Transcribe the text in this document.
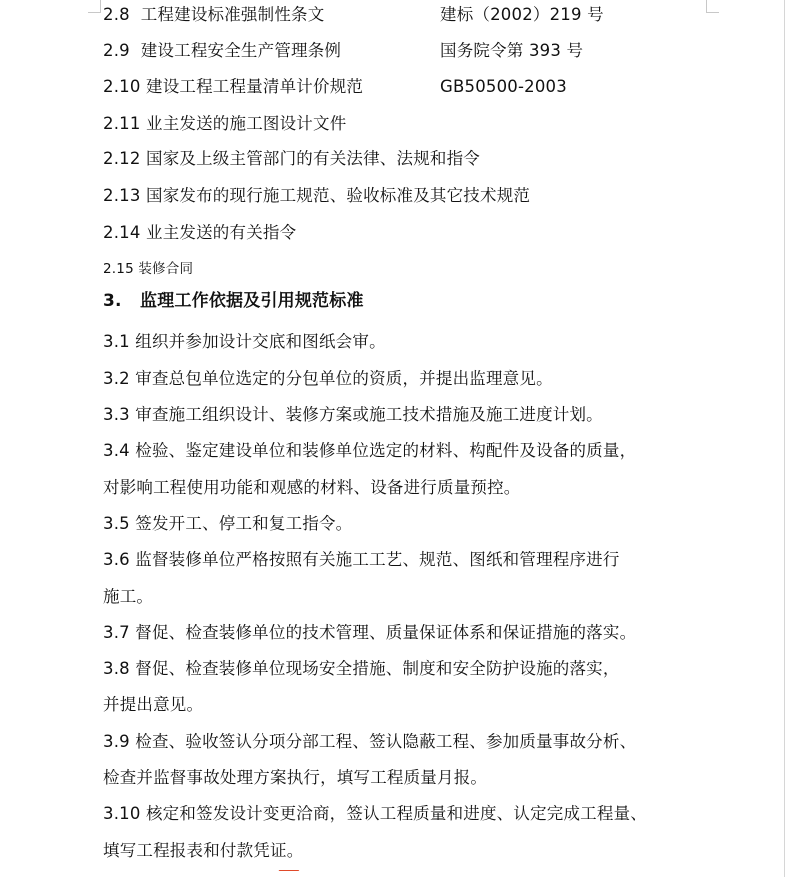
2.8 工程建设标准强制性条文	建标（2002）219 号
2.9 建设工程安全生产管理条例	国务院令第 393 号
2.10 建设工程工程量清单计价规范	GB50500-2003
2.11 业主发送的施工图设计文件
2.12 国家及上级主管部门的有关法律、法规和指令
2.13 国家发布的现行施工规范、验收标准及其它技术规范
2.14 业主发送的有关指令
2.15 装修合同
3. 监理工作依据及引用规范标准
3.1 组织并参加设计交底和图纸会审。
3.2 审查总包单位选定的分包单位的资质，并提出监理意见。
3.3 审查施工组织设计、装修方案或施工技术措施及施工进度计划。
3.4 检验、鉴定建设单位和装修单位选定的材料、构配件及设备的质量，
对影响工程使用功能和观感的材料、设备进行质量预控。
3.5 签发开工、停工和复工指令。
3.6 监督装修单位严格按照有关施工工艺、规范、图纸和管理程序进行
施工。
3.7 督促、检查装修单位的技术管理、质量保证体系和保证措施的落实。
3.8 督促、检查装修单位现场安全措施、制度和安全防护设施的落实，
并提出意见。
3.9 检查、验收签认分项分部工程、签认隐蔽工程、参加质量事故分析、
检查并监督事故处理方案执行，填写工程质量月报。
3.10 核定和签发设计变更洽商，签认工程质量和进度、认定完成工程量、
填写工程报表和付款凭证。
